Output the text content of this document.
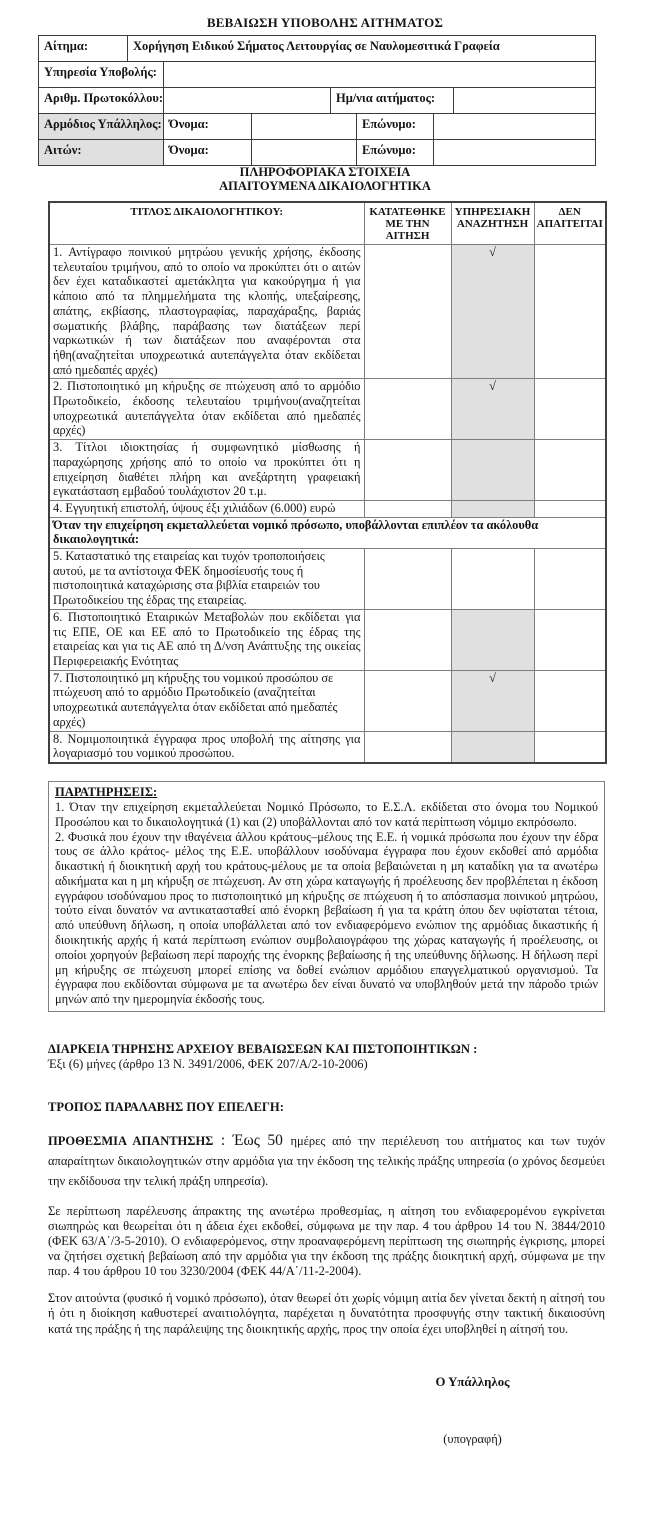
ΒΕΒΑΙΩΣΗ ΥΠΟΒΟΛΗΣ ΑΙΤΗΜΑΤΟΣ
Αίτημα:	Χορήγηση Ειδικού Σήματος Λειτουργίας σε Ναυλομεσιτικά Γραφεία
Υπηρεσία Υποβολής:
Αριθμ. Πρωτοκόλλου:	Ημ/νια αιτήματος:
Αρμόδιος Υπάλληλος: Όνομα:	Επώνυμο:
Αιτών:	Όνομα:	Επώνυμο:
ΠΛΗΡΟΦΟΡΙΑΚΑ ΣΤΟΙΧΕΙΑ
ΑΠΑΙΤΟΥΜΕΝΑ ΔΙΚΑΙΟΛΟΓΗΤΙΚΑ
ΤΙΤΛΟΣ ΔΙΚΑΙΟΛΟΓΗΤΙΚΟΥ:	ΚΑΤΑΤΕΘΗΚΕ ΜΕ ΤΗΝ ΑΙΤΗΣΗ	ΥΠΗΡΕΣΙΑΚΗ ΑΝΑΖΗΤΗΣΗ	ΔΕΝ ΑΠΑΙΤΕΙΤΑΙ
1. Αντίγραφο ποινικού μητρώου γενικής χρήσης, έκδοσης τελευταίου τριμήνου, από το οποίο να προκύπτει ότι ο αιτών δεν έχει καταδικαστεί αμετάκλητα για κακούργημα ή για κάποιο από τα πλημμελήματα της κλοπής, υπεξαίρεσης, απάτης, εκβίασης, πλαστογραφίας, παραχάραξης, βαριάς σωματικής βλάβης, παράβασης των διατάξεων περί ναρκωτικών ή των διατάξεων που αναφέρονται στα ήθη(αναζητείται υποχρεωτικά αυτεπάγγελτα όταν εκδίδεται από ημεδαπές αρχές)		√	
2. Πιστοποιητικό μη κήρυξης σε πτώχευση από το αρμόδιο Πρωτοδικείο, έκδοσης τελευταίου τριμήνου(αναζητείται υποχρεωτικά αυτεπάγγελτα όταν εκδίδεται από ημεδαπές αρχές)		√	
3. Τίτλοι ιδιοκτησίας ή συμφωνητικό μίσθωσης ή παραχώρησης χρήσης από το οποίο να προκύπτει ότι η επιχείρηση διαθέτει πλήρη και ανεξάρτητη γραφειακή εγκατάσταση εμβαδού τουλάχιστον 20 τ.μ.			
4. Εγγυητική επιστολή, ύψους έξι χιλιάδων (6.000) ευρώ			
Όταν την επιχείρηση εκμεταλλεύεται νομικό πρόσωπο, υποβάλλονται επιπλέον τα ακόλουθα δικαιολογητικά:			
5. Καταστατικό της εταιρείας και τυχόν τροποποιήσεις αυτού, με τα αντίστοιχα ΦΕΚ δημοσίευσής τους ή πιστοποιητικά καταχώρισης στα βιβλία εταιρειών του Πρωτοδικείου της έδρας της εταιρείας.			
6. Πιστοποιητικό Εταιρικών Μεταβολών που εκδίδεται για τις ΕΠΕ, ΟΕ και ΕΕ από το Πρωτοδικείο της έδρας της εταιρείας και για τις ΑΕ από τη Δ/νση Ανάπτυξης της οικείας Περιφερειακής Ενότητας			
7. Πιστοποιητικό μη κήρυξης του νομικού προσώπου σε πτώχευση από το αρμόδιο Πρωτοδικείο (αναζητείται υποχρεωτικά αυτεπάγγελτα όταν εκδίδεται από ημεδαπές αρχές)		√	
8. Νομιμοποιητικά έγγραφα προς υποβολή της αίτησης για λογαριασμό του νομικού προσώπου.			
ΠΑΡΑΤΗΡΗΣΕΙΣ:

1. Όταν την επιχείρηση εκμεταλλεύεται Νομικό Πρόσωπο, το Ε.Σ.Λ. εκδίδεται στο όνομα του Νομικού Προσώπου και το δικαιολογητικά (1) και (2) υποβάλλονται από τον κατά περίπτωση νόμιμο εκπρόσωπο.

2. Φυσικά που έχουν την ιθαγένεια άλλου κράτους–μέλους της Ε.Ε. ή νομικά πρόσωπα που έχουν την έδρα τους σε άλλο κράτος- μέλος της Ε.Ε. υποβάλλουν ισοδύναμα έγγραφα που έχουν εκδοθεί από αρμόδια δικαστική ή διοικητική αρχή του κράτους-μέλους με τα οποία βεβαιώνεται η μη καταδίκη για τα ανωτέρω αδικήματα και η μη κήρυξη σε πτώχευση. Αν στη χώρα καταγωγής ή προέλευσης δεν προβλέπεται η έκδοση εγγράφου ισοδύναμου προς το πιστοποιητικό μη κήρυξης σε πτώχευση ή το απόσπασμα ποινικού μητρώου, τούτο είναι δυνατόν να αντικατασταθεί από ένορκη βεβαίωση ή για τα κράτη όπου δεν υφίσταται τέτοια, από υπεύθυνη δήλωση, η οποία υποβάλλεται από τον ενδιαφερόμενο ενώπιον της αρμόδιας δικαστικής ή διοικητικής αρχής ή κατά περίπτωση ενώπιον συμβολαιογράφου της χώρας καταγωγής ή προέλευσης, οι οποίοι χορηγούν βεβαίωση περί παροχής της ένορκης βεβαίωσης ή της υπεύθυνης δήλωσης. Η δήλωση περί μη κήρυξης σε πτώχευση μπορεί επίσης να δοθεί ενώπιον αρμόδιου επαγγελματικού οργανισμού. Τα έγγραφα που εκδίδονται σύμφωνα με τα ανωτέρω δεν είναι δυνατό να υποβληθούν μετά την πάροδο τριών μηνών από την ημερομηνία έκδοσής τους.

ΔΙΑΡΚΕΙΑ ΤΗΡΗΣΗΣ ΑΡΧΕΙΟΥ ΒΕΒΑΙΩΣΕΩΝ ΚΑΙ ΠΙΣΤΟΠΟΙΗΤΙΚΩΝ :
Έξι (6) μήνες (άρθρο 13 Ν. 3491/2006, ΦΕΚ 207/Α/2-10-2006)
ΤΡΟΠΟΣ ΠΑΡΑΛΑΒΗΣ ΠΟΥ ΕΠΕΛΕΓΗ:

ΠΡΟΘΕΣΜΙΑ ΑΠΑΝΤΗΣΗΣ : Έως 50 ημέρες από την περιέλευση του αιτήματος και των τυχόν απαραίτητων δικαιολογητικών στην αρμόδια για την έκδοση της τελικής πράξης υπηρεσία (ο χρόνος δεσμεύει την εκδίδουσα την τελική πράξη υπηρεσία).

Σε περίπτωση παρέλευσης άπρακτης της ανωτέρω προθεσμίας, η αίτηση του ενδιαφερομένου εγκρίνεται σιωπηρώς και θεωρείται ότι η άδεια έχει εκδοθεί, σύμφωνα με την παρ. 4 του άρθρου 14 του Ν. 3844/2010 (ΦΕΚ 63/Α΄/3-5-2010). Ο ενδιαφερόμενος, στην προαναφερόμενη περίπτωση της σιωπηρής έγκρισης, μπορεί να ζητήσει σχετική βεβαίωση από την αρμόδια για την έκδοση της πράξης διοικητική αρχή, σύμφωνα με την παρ. 4 του άρθρου 10 του 3230/2004 (ΦΕΚ 44/Α΄/11-2-2004).

Στον αιτούντα (φυσικό ή νομικό πρόσωπο), όταν θεωρεί ότι χωρίς νόμιμη αιτία δεν γίνεται δεκτή η αίτησή του ή ότι η διοίκηση καθυστερεί αναιτιολόγητα, παρέχεται η δυνατότητα προσφυγής στην τακτική δικαιοσύνη κατά της πράξης ή της παράλειψης της διοικητικής αρχής, προς την οποία έχει υποβληθεί η αίτησή του.

Ο Υπάλληλος
(υπογραφή)
